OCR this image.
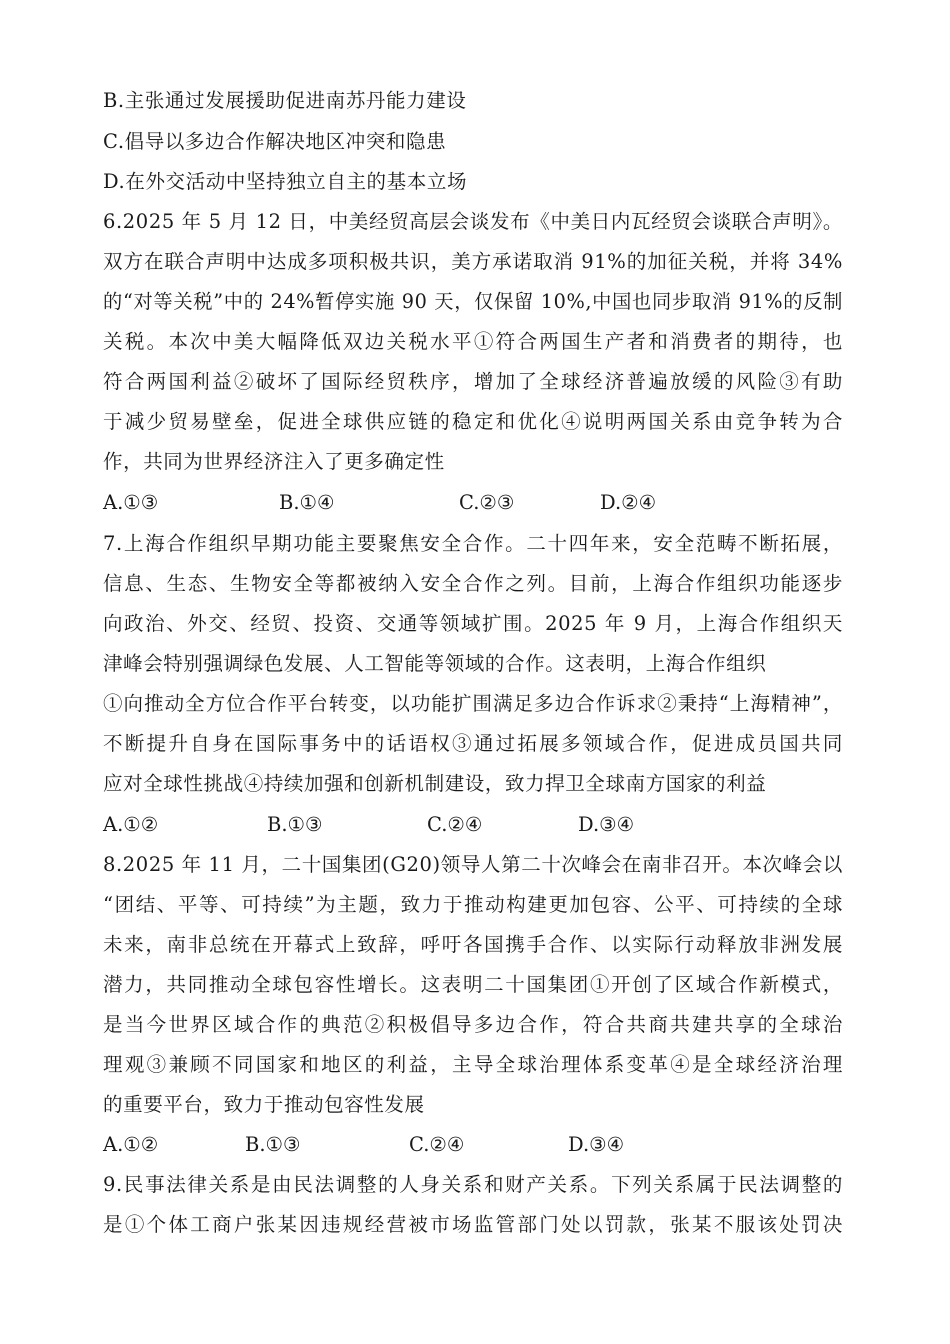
B.主张通过发展援助促进南苏丹能力建设
C.倡导以多边合作解决地区冲突和隐患
D.在外交活动中坚持独立自主的基本立场
6.2025 年 5 月 12 日，中美经贸高层会谈发布《中美日内瓦经贸会谈联合声明》。
双方在联合声明中达成多项积极共识，美方承诺取消 91%的加征关税，并将 34%
的“对等关税”中的 24%暂停实施 90 天，仅保留 10%,中国也同步取消 91%的反制
关税。本次中美大幅降低双边关税水平①符合两国生产者和消费者的期待，也
符合两国利益②破坏了国际经贸秩序，增加了全球经济普遍放缓的风险③有助
于减少贸易壁垒，促进全球供应链的稳定和优化④说明两国关系由竞争转为合
作，共同为世界经济注入了更多确定性
A.①③	B.①④	C.②③	D.②④
7.上海合作组织早期功能主要聚焦安全合作。二十四年来，安全范畴不断拓展，
信息、生态、生物安全等都被纳入安全合作之列。目前，上海合作组织功能逐步
向政治、外交、经贸、投资、交通等领域扩围。2025 年 9 月，上海合作组织天
津峰会特别强调绿色发展、人工智能等领域的合作。这表明，上海合作组织
①向推动全方位合作平台转变，以功能扩围满足多边合作诉求②秉持“上海精神”，
不断提升自身在国际事务中的话语权③通过拓展多领域合作，促进成员国共同
应对全球性挑战④持续加强和创新机制建设，致力捍卫全球南方国家的利益
A.①②	B.①③	C.②④	D.③④
8.2025 年 11 月，二十国集团(G20)领导人第二十次峰会在南非召开。本次峰会以
“团结、平等、可持续”为主题，致力于推动构建更加包容、公平、可持续的全球
未来，南非总统在开幕式上致辞，呼吁各国携手合作、以实际行动释放非洲发展
潜力，共同推动全球包容性增长。这表明二十国集团①开创了区域合作新模式，
是当今世界区域合作的典范②积极倡导多边合作，符合共商共建共享的全球治
理观③兼顾不同国家和地区的利益，主导全球治理体系变革④是全球经济治理
的重要平台，致力于推动包容性发展
A.①②	B.①③	C.②④	D.③④
9.民事法律关系是由民法调整的人身关系和财产关系。下列关系属于民法调整的
是①个体工商户张某因违规经营被市场监管部门处以罚款，张某不服该处罚决
